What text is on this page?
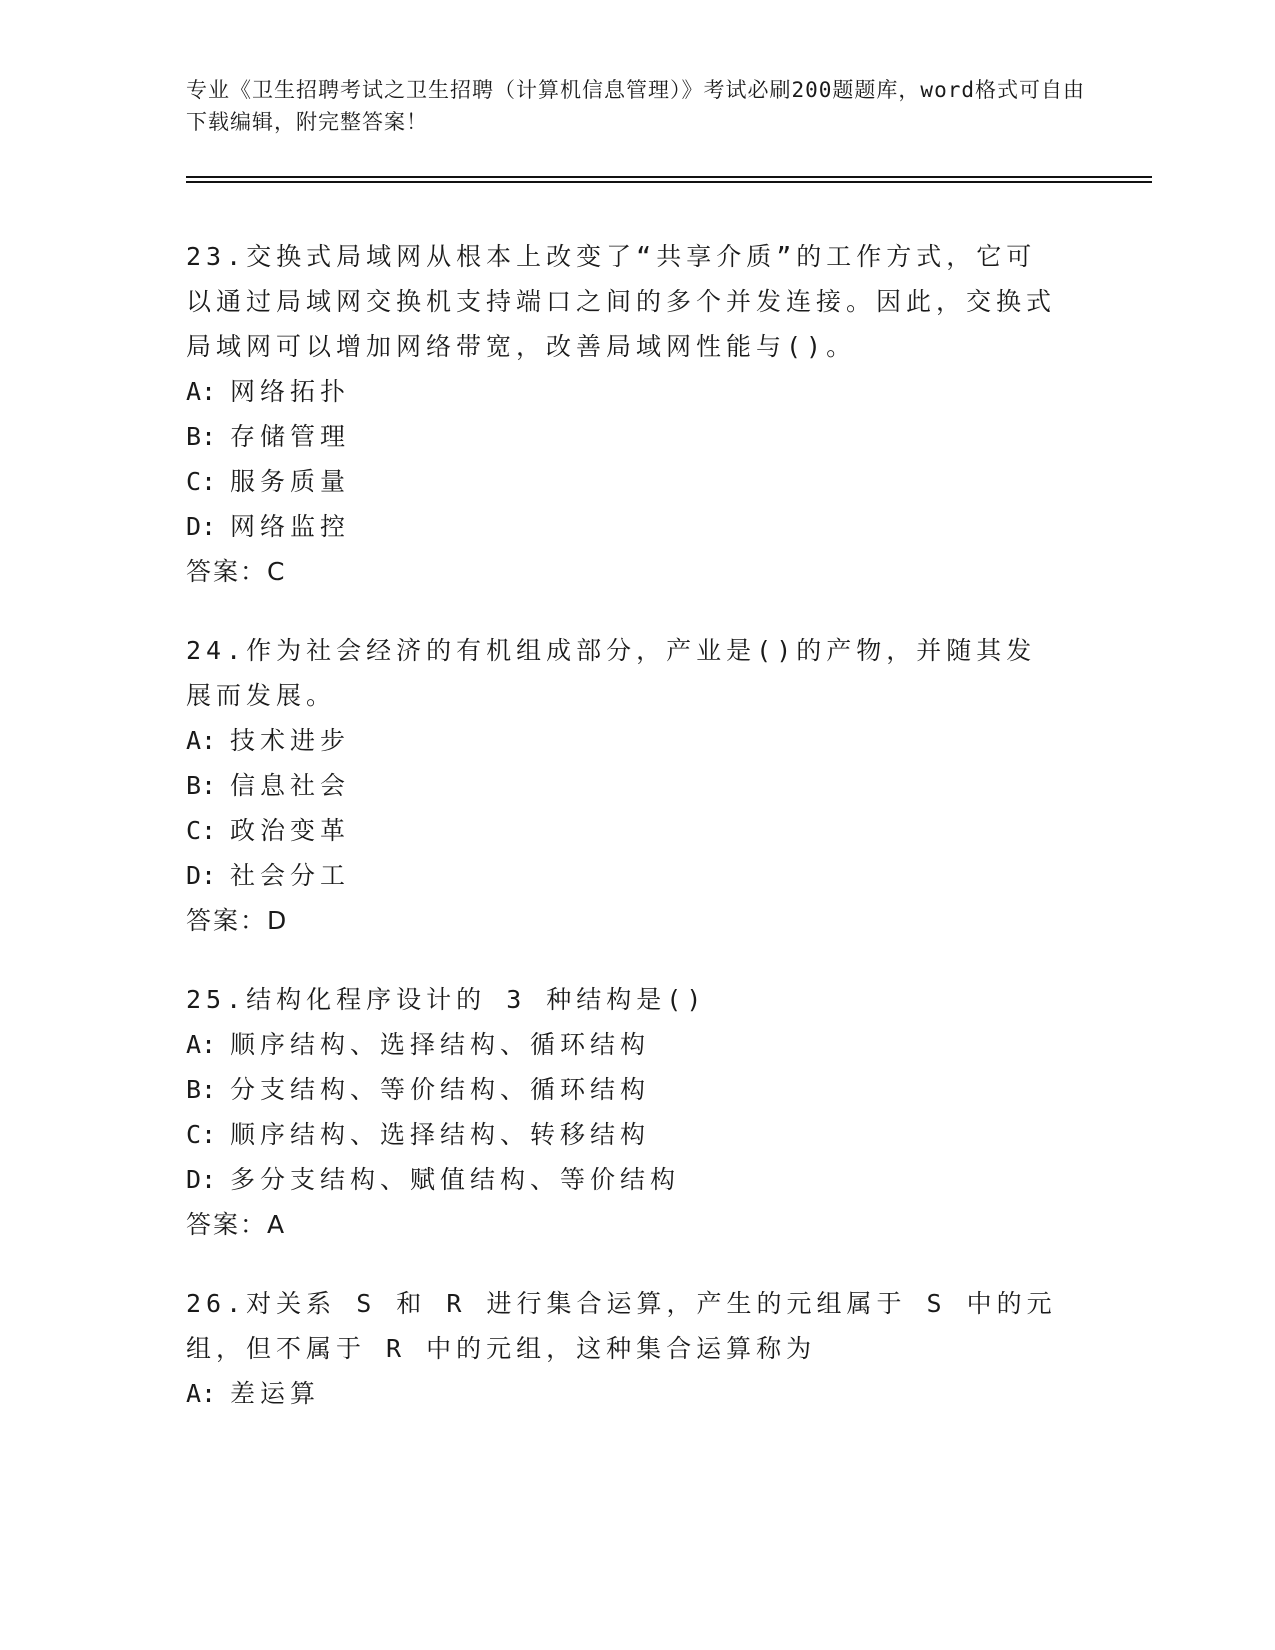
专业《卫生招聘考试之卫生招聘（计算机信息管理）》考试必刷200题题库，word格式可自由下载编辑，附完整答案！
23.交换式局域网从根本上改变了“共享介质”的工作方式，它可以通过局域网交换机支持端口之间的多个并发连接。因此，交换式局域网可以增加网络带宽，改善局域网性能与()。
A: 网络拓扑
B: 存储管理
C: 服务质量
D: 网络监控
答案：C
24.作为社会经济的有机组成部分，产业是()的产物，并随其发展而发展。
A: 技术进步
B: 信息社会
C: 政治变革
D: 社会分工
答案：D
25.结构化程序设计的 3 种结构是()
A: 顺序结构、选择结构、循环结构
B: 分支结构、等价结构、循环结构
C: 顺序结构、选择结构、转移结构
D: 多分支结构、赋值结构、等价结构
答案：A
26.对关系 S 和 R 进行集合运算，产生的元组属于 S 中的元组，但不属于 R 中的元组，这种集合运算称为
A: 差运算
